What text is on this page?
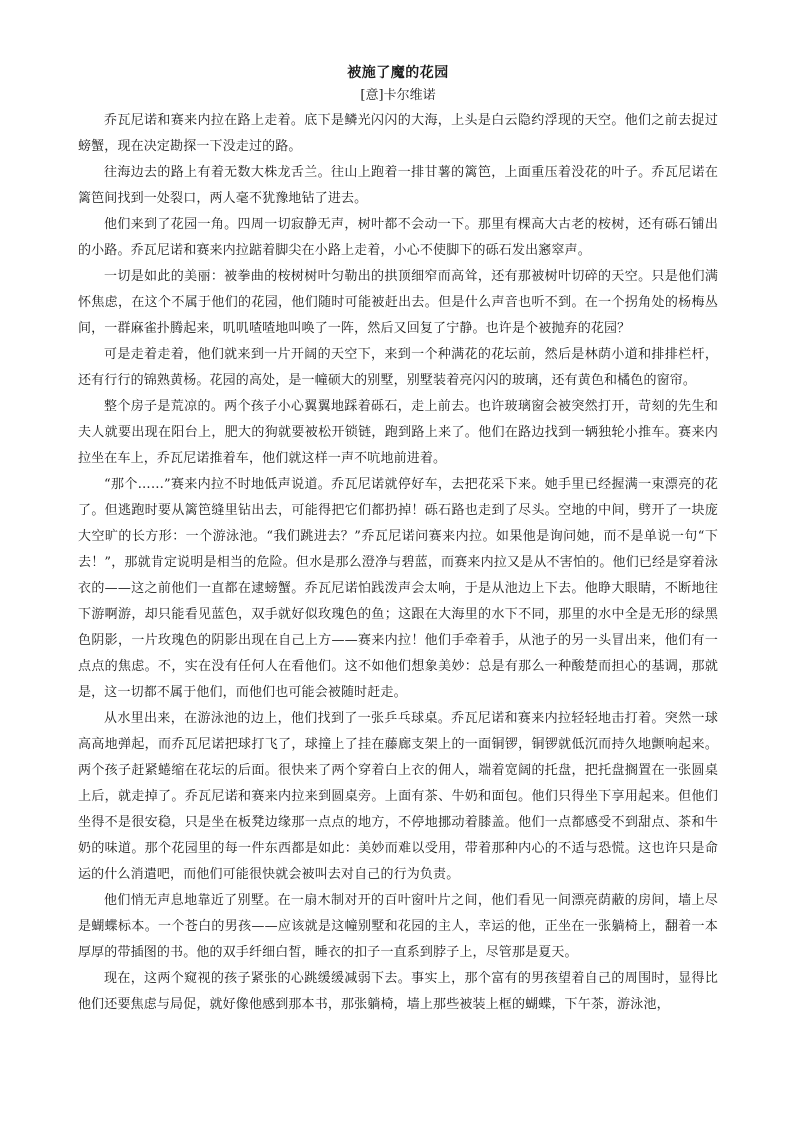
被施了魔的花园
[意]卡尔维诺

乔瓦尼诺和赛来内拉在路上走着。底下是鳞光闪闪的大海，上头是白云隐约浮现的天空。他们之前去捉过螃蟹，现在决定勘探一下没走过的路。

往海边去的路上有着无数大株龙舌兰。往山上跑着一排甘薯的篱笆，上面重压着没花的叶子。乔瓦尼诺在篱笆间找到一处裂口，两人毫不犹豫地钻了进去。

他们来到了花园一角。四周一切寂静无声，树叶都不会动一下。那里有棵高大古老的桉树，还有砾石铺出的小路。乔瓦尼诺和赛来内拉踮着脚尖在小路上走着，小心不使脚下的砾石发出窸窣声。

一切是如此的美丽：被拳曲的桉树树叶匀勒出的拱顶细窄而高耸，还有那被树叶切碎的天空。只是他们满怀焦虑，在这个不属于他们的花园，他们随时可能被赶出去。但是什么声音也听不到。在一个拐角处的杨梅丛间，一群麻雀扑腾起来，叽叽喳喳地叫唤了一阵，然后又回复了宁静。也许是个被抛弃的花园？

可是走着走着，他们就来到一片开阔的天空下，来到一个种满花的花坛前，然后是林荫小道和排排栏杆，还有行行的锦熟黄杨。花园的高处，是一幢硕大的别墅，别墅装着亮闪闪的玻璃，还有黄色和橘色的窗帘。

整个房子是荒凉的。两个孩子小心翼翼地踩着砾石，走上前去。也许玻璃窗会被突然打开，苛刻的先生和夫人就要出现在阳台上，肥大的狗就要被松开锁链，跑到路上来了。他们在路边找到一辆独轮小推车。赛来内拉坐在车上，乔瓦尼诺推着车，他们就这样一声不吭地前进着。

“那个……”赛来内拉不时地低声说道。乔瓦尼诺就停好车，去把花采下来。她手里已经握满一束漂亮的花了。但逃跑时要从篱笆缝里钻出去，可能得把它们都扔掉！砾石路也走到了尽头。空地的中间，劈开了一块庞大空旷的长方形：一个游泳池。“我们跳进去？”乔瓦尼诺问赛来内拉。如果他是询问她，而不是单说一句“下去！”，那就肯定说明是相当的危险。但水是那么澄净与碧蓝，而赛来内拉又是从不害怕的。他们已经是穿着泳衣的——这之前他们一直都在逮螃蟹。乔瓦尼诺怕践泼声会太响，于是从池边上下去。他睁大眼睛，不断地往下游啊游，却只能看见蓝色，双手就好似玫瑰色的鱼；这跟在大海里的水下不同，那里的水中全是无形的绿黑色阴影，一片玫瑰色的阴影出现在自己上方——赛来内拉！他们手牵着手，从池子的另一头冒出来，他们有一点点的焦虑。不，实在没有任何人在看他们。这不如他们想象美妙：总是有那么一种酸楚而担心的基调，那就是，这一切都不属于他们，而他们也可能会被随时赶走。

从水里出来，在游泳池的边上，他们找到了一张乒乓球桌。乔瓦尼诺和赛来内拉轻轻地击打着。突然一球高高地弹起，而乔瓦尼诺把球打飞了，球撞上了挂在藤廊支架上的一面铜锣，铜锣就低沉而持久地颤响起来。两个孩子赶紧蜷缩在花坛的后面。很快来了两个穿着白上衣的佣人，端着宽阔的托盘，把托盘搁置在一张圆桌上后，就走掉了。乔瓦尼诺和赛来内拉来到圆桌旁。上面有茶、牛奶和面包。他们只得坐下享用起来。但他们坐得不是很安稳，只是坐在板凳边缘那一点点的地方，不停地挪动着膝盖。他们一点都感受不到甜点、茶和牛奶的味道。那个花园里的每一件东西都是如此：美妙而难以受用，带着那种内心的不适与恐慌。这也许只是命运的什么消遣吧，而他们可能很快就会被叫去对自己的行为负责。

他们悄无声息地靠近了别墅。在一扇木制对开的百叶窗叶片之间，他们看见一间漂亮荫蔽的房间，墙上尽是蝴蝶标本。一个苍白的男孩——应该就是这幢别墅和花园的主人，幸运的他，正坐在一张躺椅上，翻着一本厚厚的带插图的书。他的双手纤细白皙，睡衣的扣子一直系到脖子上，尽管那是夏天。

现在，这两个窥视的孩子紧张的心跳缓缓减弱下去。事实上，那个富有的男孩望着自己的周围时，显得比他们还要焦虑与局促，就好像他感到那本书，那张躺椅，墙上那些被装上框的蝴蝶，下午茶，游泳池，
